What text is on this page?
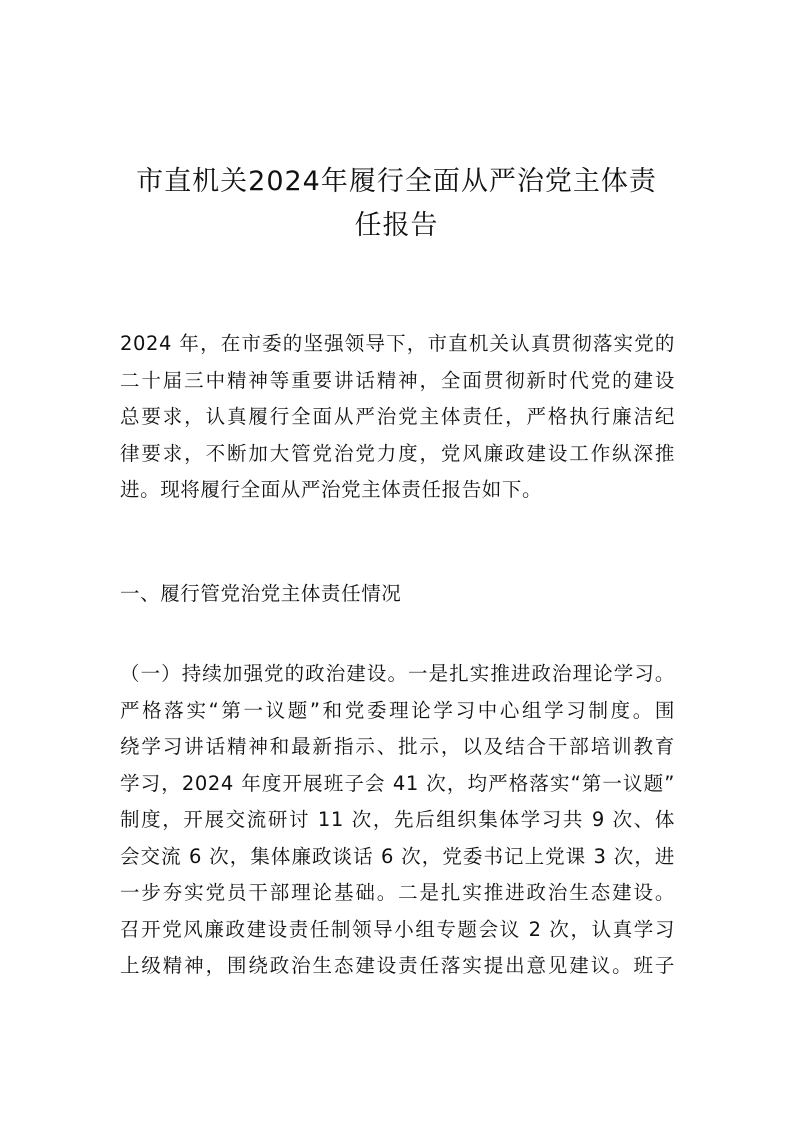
市直机关2024年履行全面从严治党主体责
任报告
2024 年，在市委的坚强领导下，市直机关认真贯彻落实党的
二十届三中精神等重要讲话精神，全面贯彻新时代党的建设
总要求，认真履行全面从严治党主体责任，严格执行廉洁纪
律要求，不断加大管党治党力度，党风廉政建设工作纵深推
进。现将履行全面从严治党主体责任报告如下。
一、履行管党治党主体责任情况
（一）持续加强党的政治建设。一是扎实推进政治理论学习。
严格落实“第一议题”和党委理论学习中心组学习制度。围
绕学习讲话精神和最新指示、批示，以及结合干部培训教育
学习，2024 年度开展班子会 41 次，均严格落实“第一议题”
制度，开展交流研讨 11 次，先后组织集体学习共 9 次、体
会交流 6 次，集体廉政谈话 6 次，党委书记上党课 3 次，进
一步夯实党员干部理论基础。二是扎实推进政治生态建设。
召开党风廉政建设责任制领导小组专题会议 2 次，认真学习
上级精神，围绕政治生态建设责任落实提出意见建议。班子
